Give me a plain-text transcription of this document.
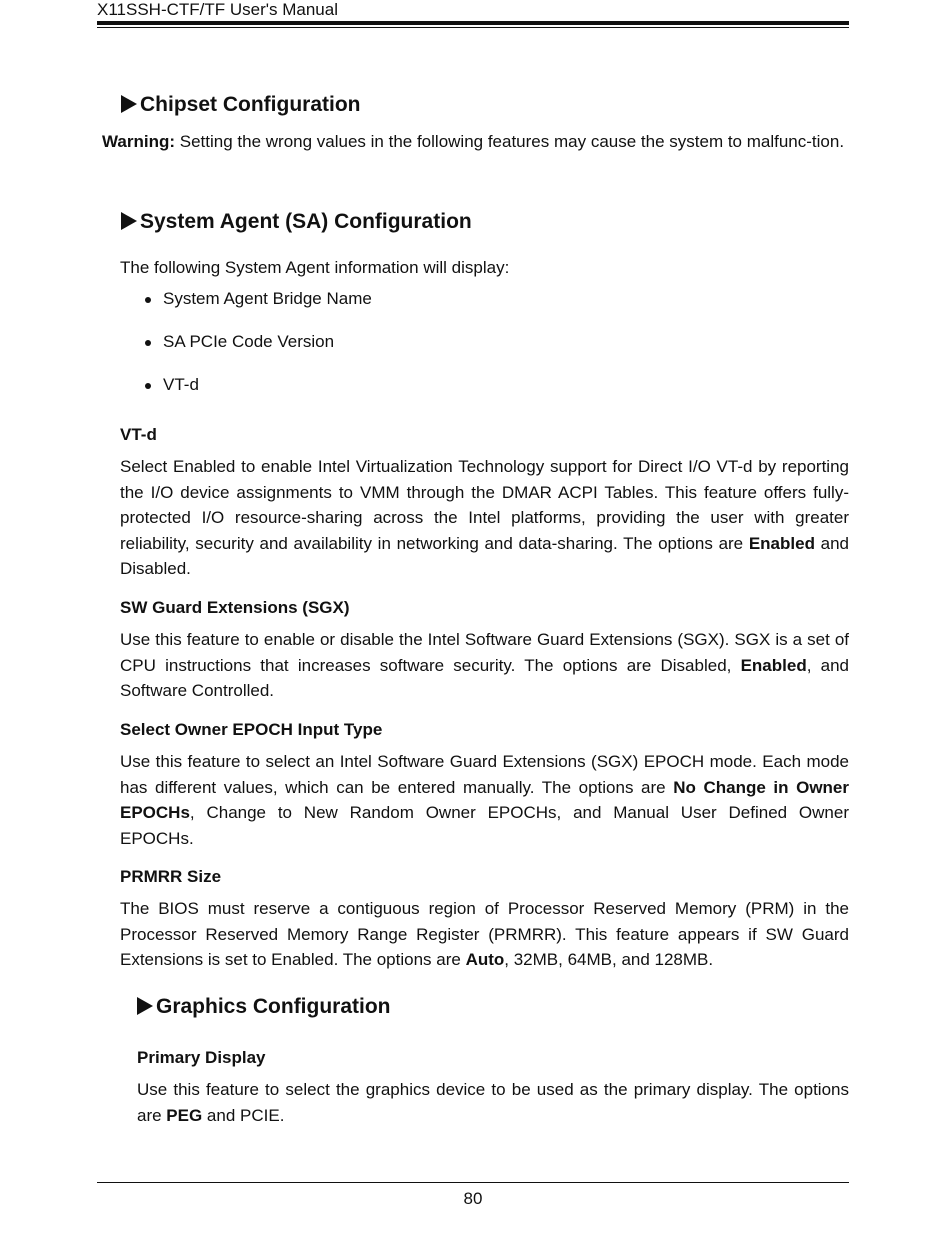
X11SSH-CTF/TF User's Manual
Chipset Configuration

Warning: Setting the wrong values in the following features may cause the system to malfunc-tion.

System Agent (SA) Configuration
The following System Agent information will display:
System Agent Bridge Name
SA PCIe Code Version
VT-d
VT-d

Select Enabled to enable Intel Virtualization Technology support for Direct I/O VT-d by reporting the I/O device assignments to VMM through the DMAR ACPI Tables. This feature offers fully-protected I/O resource-sharing across the Intel platforms, providing the user with greater reliability, security and availability in networking and data-sharing. The options are Enabled and Disabled.

SW Guard Extensions (SGX)

Use this feature to enable or disable the Intel Software Guard Extensions (SGX). SGX is a set of CPU instructions that increases software security. The options are Disabled, Enabled, and Software Controlled.

Select Owner EPOCH Input Type

Use this feature to select an Intel Software Guard Extensions (SGX) EPOCH mode. Each mode has different values, which can be entered manually. The options are No Change in Owner EPOCHs, Change to New Random Owner EPOCHs, and Manual User Defined Owner EPOCHs.

PRMRR Size

The BIOS must reserve a contiguous region of Processor Reserved Memory (PRM) in the Processor Reserved Memory Range Register (PRMRR). This feature appears if SW Guard Extensions is set to Enabled. The options are Auto, 32MB, 64MB, and 128MB.

Graphics Configuration
Primary Display

Use this feature to select the graphics device to be used as the primary display. The options are PEG and PCIE.

80
